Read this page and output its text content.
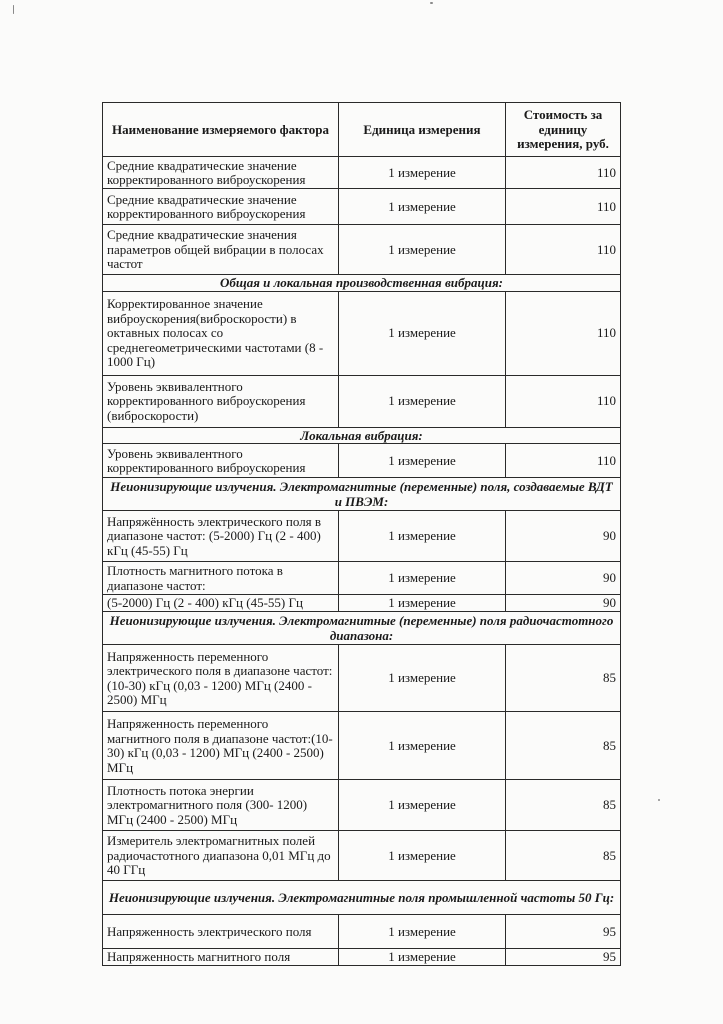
Наименование измеряемого фактора	Единица измерения	Стоимость за единицу измерения, руб.
Средние квадратические значение корректированного виброускорения	1 измерение	110
Средние квадратические значение корректированного виброускорения	1 измерение	110
Средние квадратические значения параметров общей вибрации в полосах частот	1 измерение	110
Общая и локальная производственная вибрация:		
Корректированное значение виброускорения(виброскорости) в октавных полосах со среднегеометрическими частотами (8 - 1000 Гц)	1 измерение	110
Уровень эквивалентного корректированного виброускорения (виброскорости)	1 измерение	110
Локальная вибрация:		
Уровень эквивалентного корректированного виброускорения	1 измерение	110
Неионизирующие излучения. Электромагнитные (переменные) поля, создаваемые ВДТ и ПВЭМ:		
Напряжённость электрического поля в диапазоне частот: (5-2000) Гц (2 - 400) кГц (45-55) Гц	1 измерение	90
Плотность магнитного потока в диапазоне частот:	1 измерение	90
(5-2000) Гц (2 - 400) кГц (45-55) Гц	1 измерение	90
Неионизирующие излучения. Электромагнитные (переменные) поля радиочастотного диапазона:		
Напряженность переменного электрического поля в диапазоне частот: (10-30) кГц (0,03 - 1200) МГц (2400 - 2500) МГц	1 измерение	85
Напряженность переменного магнитного поля в диапазоне частот:(10-30) кГц (0,03 - 1200) МГц (2400 - 2500) МГц	1 измерение	85
Плотность потока энергии электромагнитного поля (300- 1200) МГц (2400 - 2500) МГц	1 измерение	85
Измеритель электромагнитных полей радиочастотного диапазона 0,01 МГц до 40 ГГц	1 измерение	85
Неионизирующие излучения. Электромагнитные поля промышленной частоты 50 Гц:		
Напряженность электрического поля	1 измерение	95
Напряженность магнитного поля	1 измерение	95
